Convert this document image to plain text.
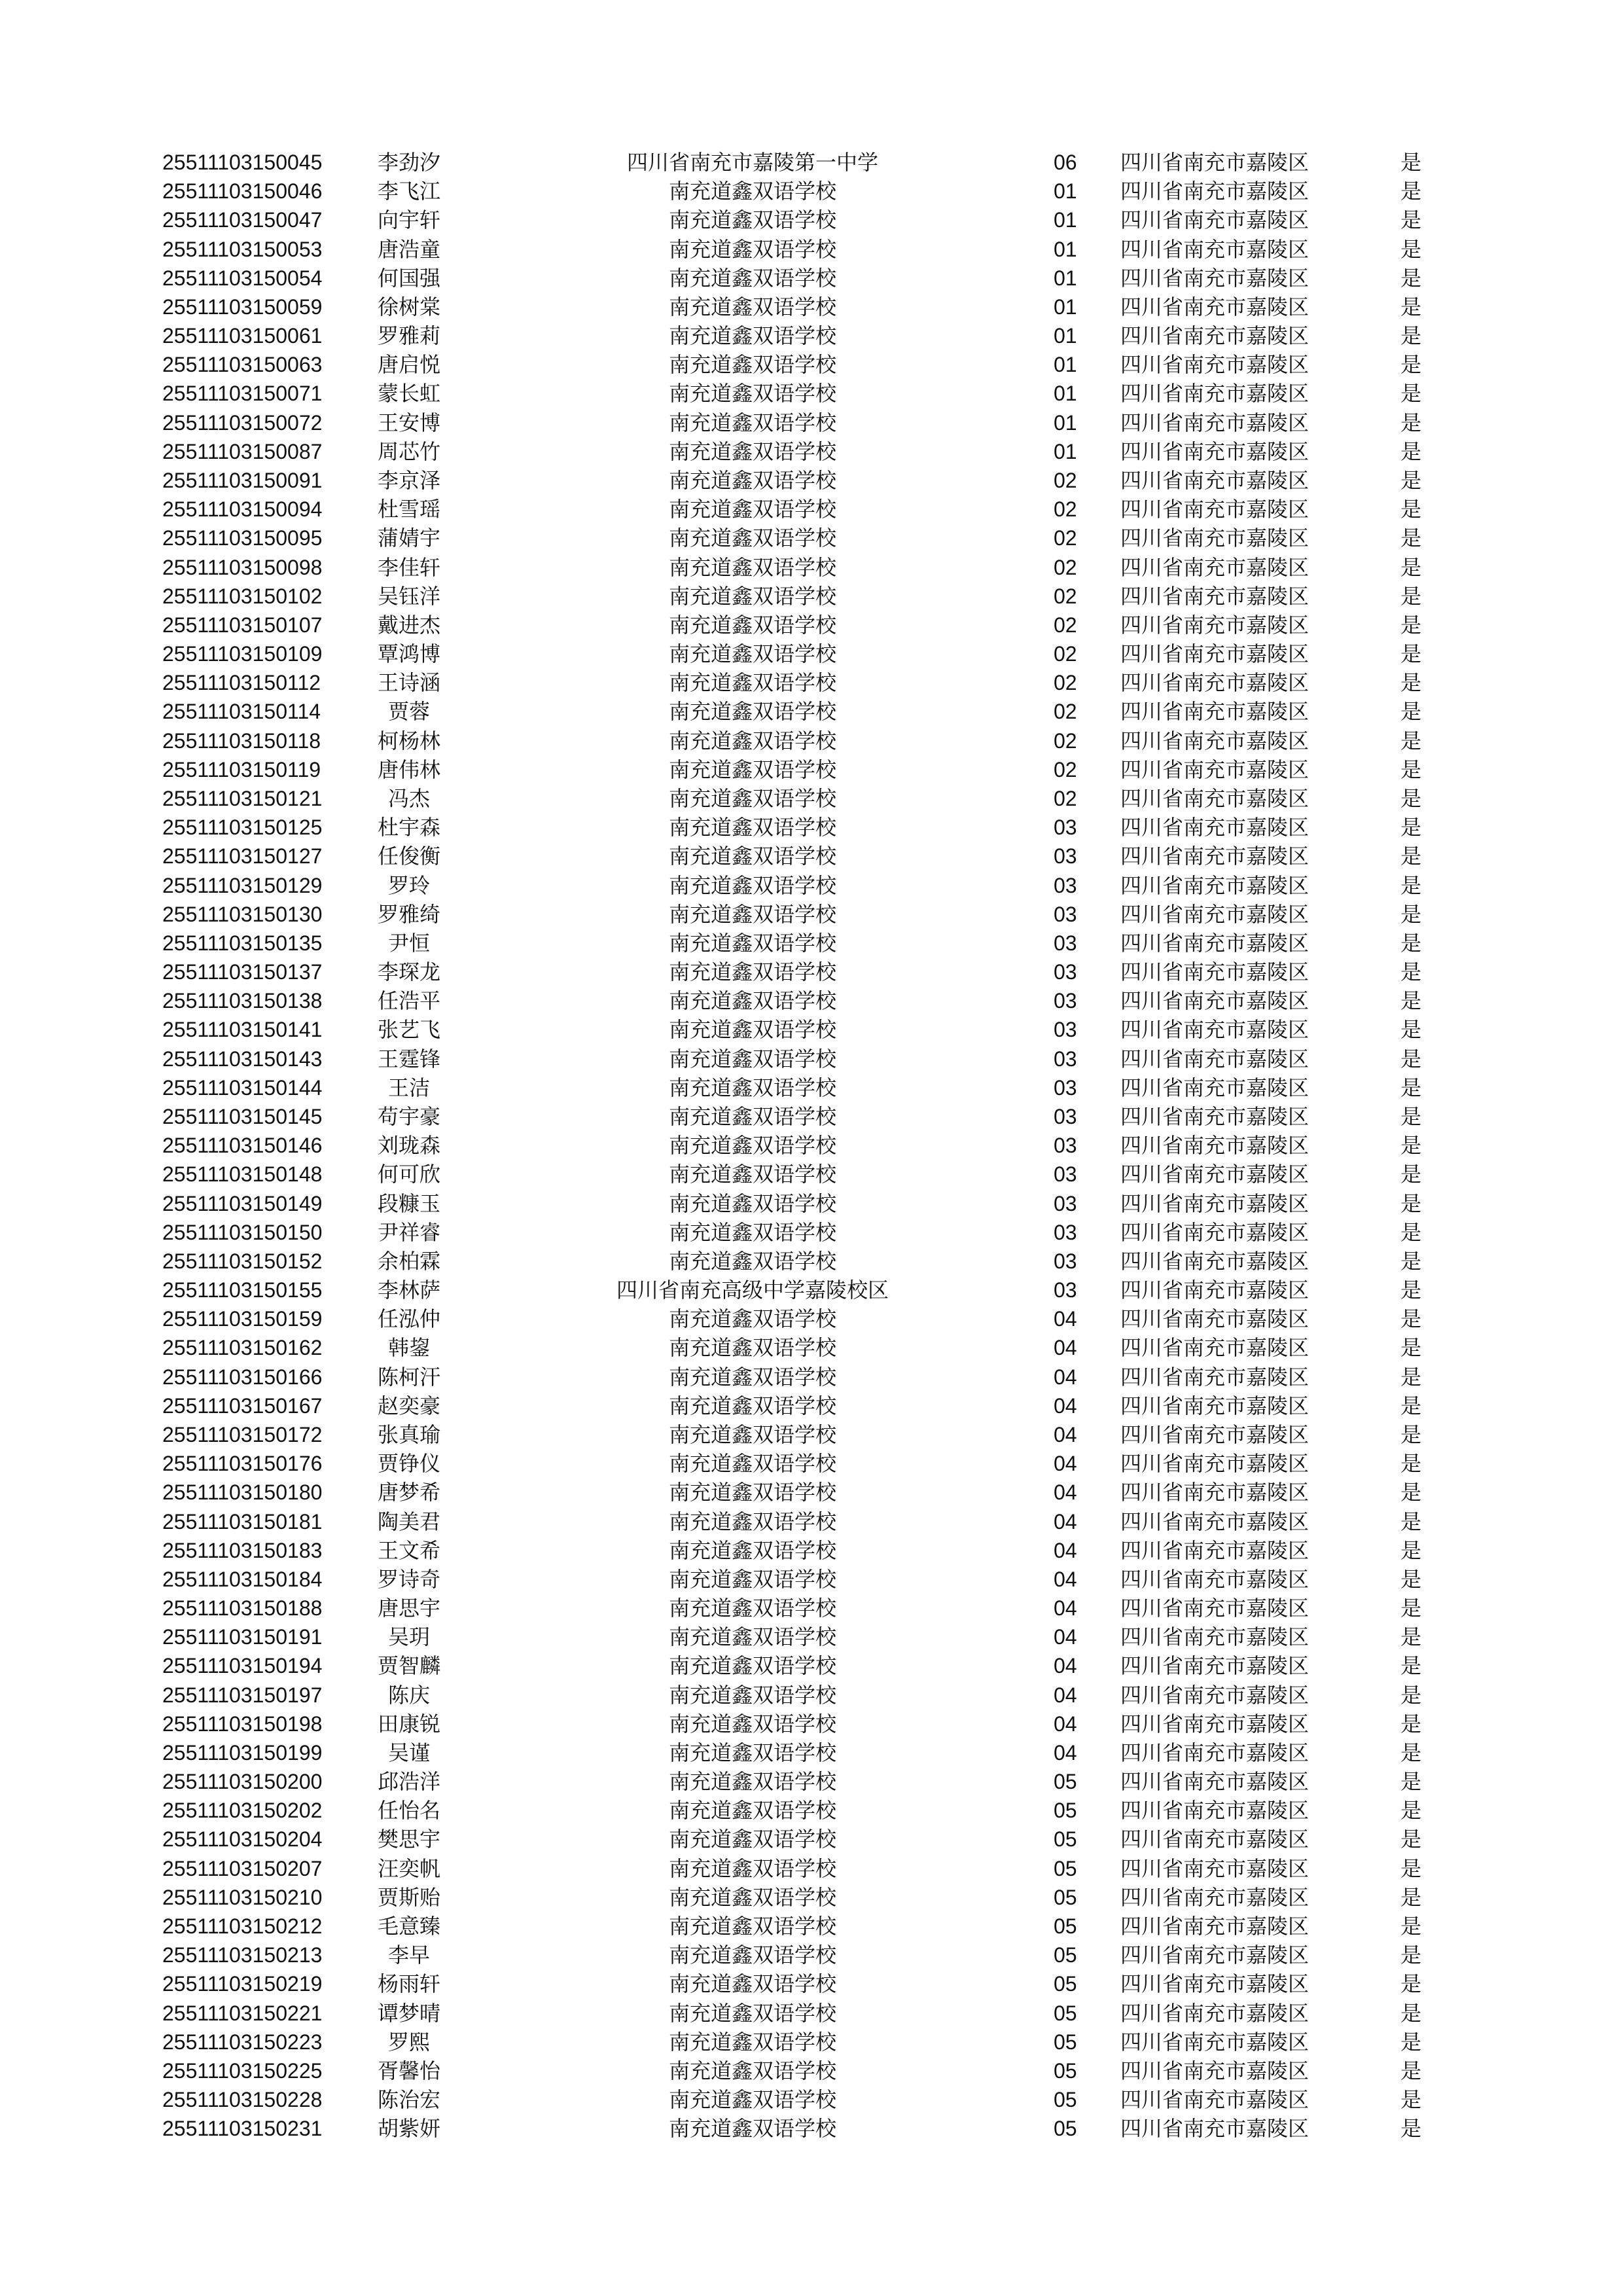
25511103150045	李劲汐	四川省南充市嘉陵第一中学	06 四川省南充市嘉陵区	是
25511103150046	李飞江	南充道鑫双语学校	01 四川省南充市嘉陵区	是
25511103150047	向宇轩	南充道鑫双语学校	01 四川省南充市嘉陵区	是
25511103150053	唐浩童	南充道鑫双语学校	01 四川省南充市嘉陵区	是
25511103150054	何国强	南充道鑫双语学校	01 四川省南充市嘉陵区	是
25511103150059	徐树棠	南充道鑫双语学校	01 四川省南充市嘉陵区	是
25511103150061	罗雅莉	南充道鑫双语学校	01 四川省南充市嘉陵区	是
25511103150063	唐启悦	南充道鑫双语学校	01 四川省南充市嘉陵区	是
25511103150071	蒙长虹	南充道鑫双语学校	01 四川省南充市嘉陵区	是
25511103150072	王安博	南充道鑫双语学校	01 四川省南充市嘉陵区	是
25511103150087	周芯竹	南充道鑫双语学校	01 四川省南充市嘉陵区	是
25511103150091	李京泽	南充道鑫双语学校	02 四川省南充市嘉陵区	是
25511103150094	杜雪瑶	南充道鑫双语学校	02 四川省南充市嘉陵区	是
25511103150095	蒲婧宇	南充道鑫双语学校	02 四川省南充市嘉陵区	是
25511103150098	李佳轩	南充道鑫双语学校	02 四川省南充市嘉陵区	是
25511103150102	吴钰洋	南充道鑫双语学校	02 四川省南充市嘉陵区	是
25511103150107	戴进杰	南充道鑫双语学校	02 四川省南充市嘉陵区	是
25511103150109	覃鸿博	南充道鑫双语学校	02 四川省南充市嘉陵区	是
25511103150112	王诗涵	南充道鑫双语学校	02 四川省南充市嘉陵区	是
25511103150114	贾蓉	南充道鑫双语学校	02 四川省南充市嘉陵区	是
25511103150118	柯杨林	南充道鑫双语学校	02 四川省南充市嘉陵区	是
25511103150119	唐伟林	南充道鑫双语学校	02 四川省南充市嘉陵区	是
25511103150121	冯杰	南充道鑫双语学校	02 四川省南充市嘉陵区	是
25511103150125	杜宇森	南充道鑫双语学校	03 四川省南充市嘉陵区	是
25511103150127	任俊衡	南充道鑫双语学校	03 四川省南充市嘉陵区	是
25511103150129	罗玲	南充道鑫双语学校	03 四川省南充市嘉陵区	是
25511103150130	罗雅绮	南充道鑫双语学校	03 四川省南充市嘉陵区	是
25511103150135	尹恒	南充道鑫双语学校	03 四川省南充市嘉陵区	是
25511103150137	李琛龙	南充道鑫双语学校	03 四川省南充市嘉陵区	是
25511103150138	任浩平	南充道鑫双语学校	03 四川省南充市嘉陵区	是
25511103150141	张艺飞	南充道鑫双语学校	03 四川省南充市嘉陵区	是
25511103150143	王霆锋	南充道鑫双语学校	03 四川省南充市嘉陵区	是
25511103150144	王洁	南充道鑫双语学校	03 四川省南充市嘉陵区	是
25511103150145	苟宇豪	南充道鑫双语学校	03 四川省南充市嘉陵区	是
25511103150146	刘珑森	南充道鑫双语学校	03 四川省南充市嘉陵区	是
25511103150148	何可欣	南充道鑫双语学校	03 四川省南充市嘉陵区	是
25511103150149	段糠玉	南充道鑫双语学校	03 四川省南充市嘉陵区	是
25511103150150	尹祥睿	南充道鑫双语学校	03 四川省南充市嘉陵区	是
25511103150152	余柏霖	南充道鑫双语学校	03 四川省南充市嘉陵区	是
25511103150155	李林萨	四川省南充高级中学嘉陵校区	03 四川省南充市嘉陵区	是
25511103150159	任泓仲	南充道鑫双语学校	04 四川省南充市嘉陵区	是
25511103150162	韩鋆	南充道鑫双语学校	04 四川省南充市嘉陵区	是
25511103150166	陈柯汗	南充道鑫双语学校	04 四川省南充市嘉陵区	是
25511103150167	赵奕豪	南充道鑫双语学校	04 四川省南充市嘉陵区	是
25511103150172	张真瑜	南充道鑫双语学校	04 四川省南充市嘉陵区	是
25511103150176	贾铮仪	南充道鑫双语学校	04 四川省南充市嘉陵区	是
25511103150180	唐梦希	南充道鑫双语学校	04 四川省南充市嘉陵区	是
25511103150181	陶美君	南充道鑫双语学校	04 四川省南充市嘉陵区	是
25511103150183	王文希	南充道鑫双语学校	04 四川省南充市嘉陵区	是
25511103150184	罗诗奇	南充道鑫双语学校	04 四川省南充市嘉陵区	是
25511103150188	唐思宇	南充道鑫双语学校	04 四川省南充市嘉陵区	是
25511103150191	吴玥	南充道鑫双语学校	04 四川省南充市嘉陵区	是
25511103150194	贾智麟	南充道鑫双语学校	04 四川省南充市嘉陵区	是
25511103150197	陈庆	南充道鑫双语学校	04 四川省南充市嘉陵区	是
25511103150198	田康锐	南充道鑫双语学校	04 四川省南充市嘉陵区	是
25511103150199	吴谨	南充道鑫双语学校	04 四川省南充市嘉陵区	是
25511103150200	邱浩洋	南充道鑫双语学校	05 四川省南充市嘉陵区	是
25511103150202	任怡名	南充道鑫双语学校	05 四川省南充市嘉陵区	是
25511103150204	樊思宇	南充道鑫双语学校	05 四川省南充市嘉陵区	是
25511103150207	汪奕帆	南充道鑫双语学校	05 四川省南充市嘉陵区	是
25511103150210	贾斯贻	南充道鑫双语学校	05 四川省南充市嘉陵区	是
25511103150212	毛意臻	南充道鑫双语学校	05 四川省南充市嘉陵区	是
25511103150213	李早	南充道鑫双语学校	05 四川省南充市嘉陵区	是
25511103150219	杨雨轩	南充道鑫双语学校	05 四川省南充市嘉陵区	是
25511103150221	谭梦晴	南充道鑫双语学校	05 四川省南充市嘉陵区	是
25511103150223	罗熙	南充道鑫双语学校	05 四川省南充市嘉陵区	是
25511103150225	胥馨怡	南充道鑫双语学校	05 四川省南充市嘉陵区	是
25511103150228	陈治宏	南充道鑫双语学校	05 四川省南充市嘉陵区	是
25511103150231	胡紫妍	南充道鑫双语学校	05 四川省南充市嘉陵区	是
